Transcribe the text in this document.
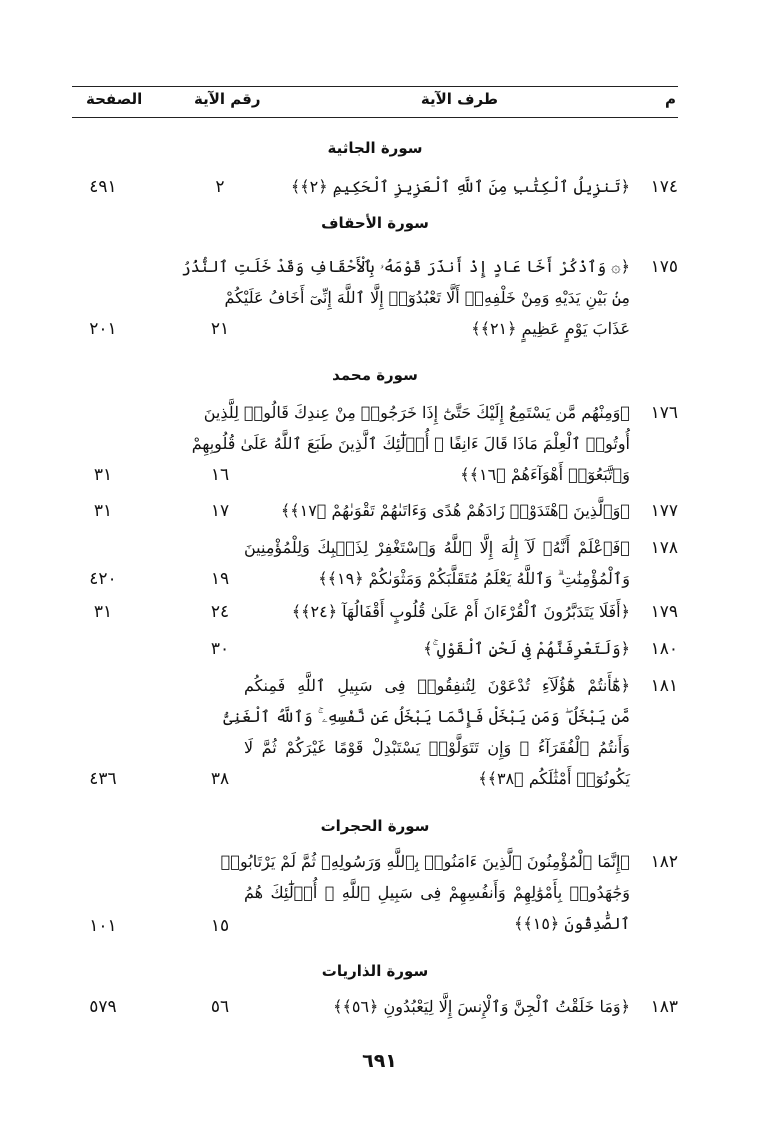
م
طرف الآية
رقم الآية
الصفحة
سورة الجاثية
١٧٤
﴿تَنزِيلُ ٱلْكِتَٰبِ مِنَ ٱللَّهِ ٱلْعَزِيزِ ٱلْحَكِيمِ ﴿٢﴾﴾
٢
٤٩١
سورة الأحقاف
١٧٥
﴿۞ وَٱذْكُرْ أَخَا عَادٍ إِذْ أَنذَرَ قَوْمَهُۥ بِٱلْأَحْقَافِ وَقَدْ خَلَتِ ٱلنُّذُرُ
مِنۢ بَيْنِ يَدَيْهِ وَمِنْ خَلْفِهِۦٓ أَلَّا تَعْبُدُوٓا۟ إِلَّا ٱللَّهَ إِنِّىٓ أَخَافُ عَلَيْكُمْ
عَذَابَ يَوْمٍ عَظِيمٍ ﴿٢١﴾﴾
٢١
٢٠١
سورة محمد
١٧٦
﴿وَمِنْهُم مَّن يَسْتَمِعُ إِلَيْكَ حَتَّىٰٓ إِذَا خَرَجُوا۟ مِنْ عِندِكَ قَالُوا۟ لِلَّذِينَ
أُوتُوا۟ ٱلْعِلْمَ مَاذَا قَالَ ءَانِفًا ۚ أُو۟لَٰٓئِكَ ٱلَّذِينَ طَبَعَ ٱللَّهُ عَلَىٰ قُلُوبِهِمْ
وَٱتَّبَعُوٓا۟ أَهْوَآءَهُمْ ﴿١٦﴾﴾
١٦
٣١
١٧٧
﴿وَٱلَّذِينَ ٱهْتَدَوْا۟ زَادَهُمْ هُدًى وَءَاتَىٰهُمْ تَقْوَىٰهُمْ ﴿١٧﴾﴾
١٧
٣١
١٧٨
﴿فَٱعْلَمْ أَنَّهُۥ لَآ إِلَٰهَ إِلَّا ٱللَّهُ وَٱسْتَغْفِرْ لِذَنۢبِكَ وَلِلْمُؤْمِنِينَ
وَٱلْمُؤْمِنَٰتِ ۗ وَٱللَّهُ يَعْلَمُ مُتَقَلَّبَكُمْ وَمَثْوَىٰكُمْ ﴿١٩﴾﴾
١٩
٤٢٠
١٧٩
﴿أَفَلَا يَتَدَبَّرُونَ ٱلْقُرْءَانَ أَمْ عَلَىٰ قُلُوبٍ أَقْفَالُهَآ ﴿٢٤﴾﴾
٢٤
٣١
١٨٠
﴿وَلَتَعْرِفَنَّهُمْ فِى لَحْنِ ٱلْقَوْلِ ۚ﴾
٣٠
١٨١
﴿هَٰٓأَنتُمْ هَٰٓؤُلَآءِ تُدْعَوْنَ لِتُنفِقُوا۟ فِى سَبِيلِ ٱللَّهِ فَمِنكُم
مَّن يَبْخَلُ ۖ وَمَن يَبْخَلْ فَإِنَّمَا يَبْخَلُ عَن نَّفْسِهِۦ ۚ وَٱللَّهُ ٱلْغَنِىُّ
وَأَنتُمُ ٱلْفُقَرَآءُ ۚ وَإِن تَتَوَلَّوْا۟ يَسْتَبْدِلْ قَوْمًا غَيْرَكُمْ ثُمَّ لَا
يَكُونُوٓا۟ أَمْثَٰلَكُم ﴿٣٨﴾﴾
٣٨
٤٣٦
سورة الحجرات
١٨٢
﴿إِنَّمَا ٱلْمُؤْمِنُونَ ٱلَّذِينَ ءَامَنُوا۟ بِٱللَّهِ وَرَسُولِهِۦ ثُمَّ لَمْ يَرْتَابُوا۟
وَجَٰهَدُوا۟ بِأَمْوَٰلِهِمْ وَأَنفُسِهِمْ فِى سَبِيلِ ٱللَّهِ ۚ أُو۟لَٰٓئِكَ هُمُ
ٱلصَّٰدِقُونَ ﴿١٥﴾﴾
١٥
١٠١
سورة الذاريات
١٨٣
﴿وَمَا خَلَقْتُ ٱلْجِنَّ وَٱلْإِنسَ إِلَّا لِيَعْبُدُونِ ﴿٥٦﴾﴾
٥٦
٥٧٩
٦٩١
